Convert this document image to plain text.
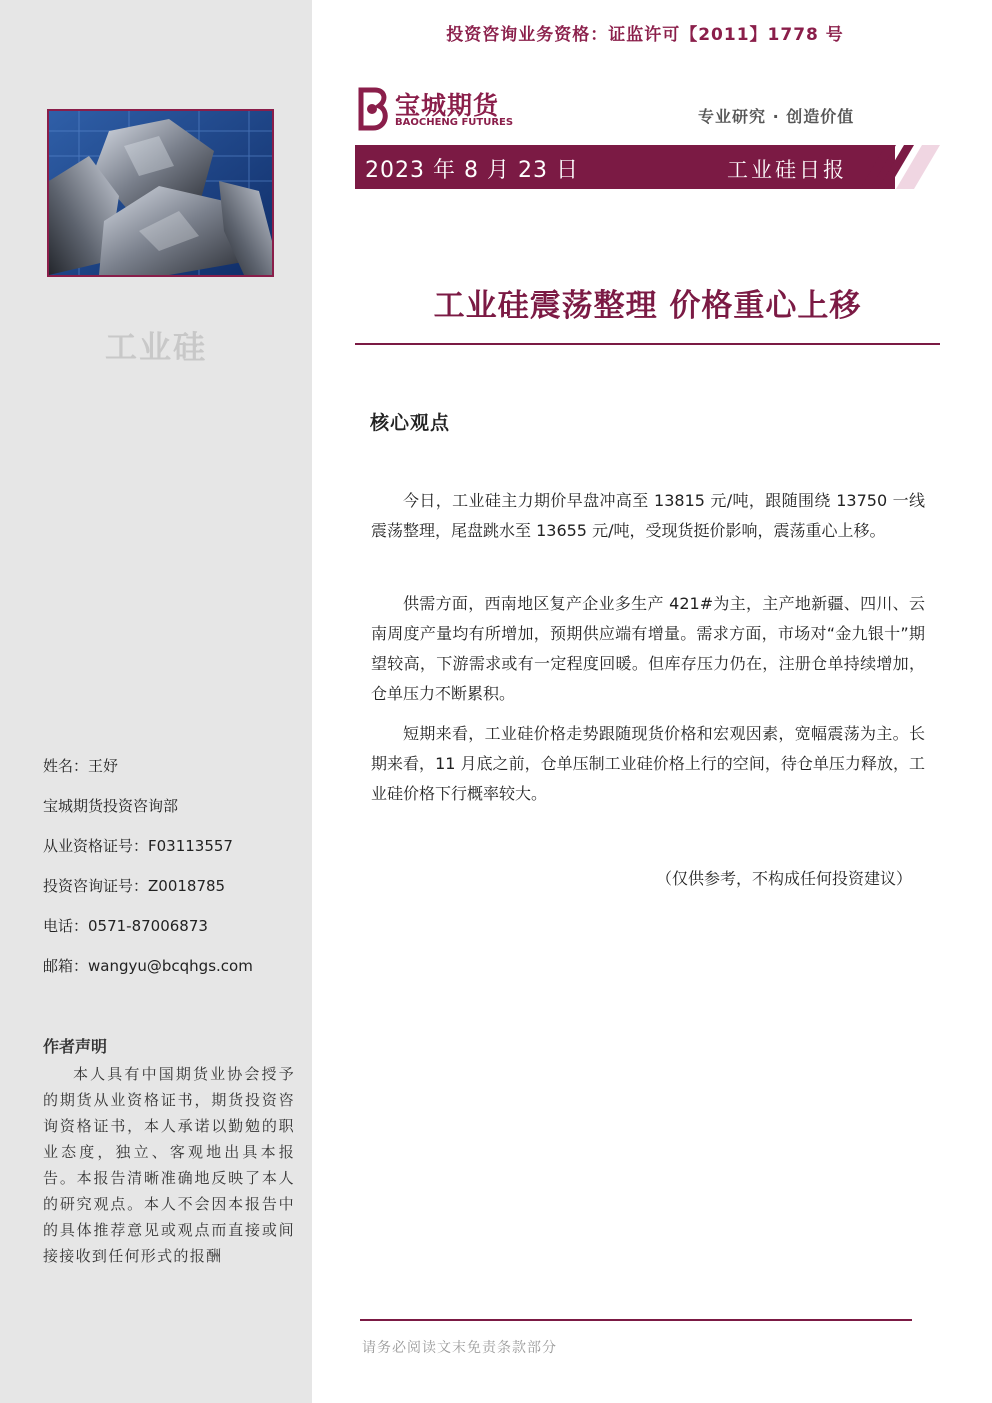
工业硅
姓名：王妤
宝城期货投资咨询部
从业资格证号：F03113557
投资咨询证号：Z0018785
电话：0571-87006873
邮箱：wangyu@bcqhgs.com
作者声明
本人具有中国期货业协会授予的期货从业资格证书，期货投资咨询资格证书，本人承诺以勤勉的职业态度，独立、客观地出具本报告。本报告清晰准确地反映了本人的研究观点。本人不会因本报告中的具体推荐意见或观点而直接或间接接收到任何形式的报酬
投资咨询业务资格：证监许可【2011】1778 号
宝城期货
BAOCHENG FUTURES	专业研究 · 创造价值
2023 年 8 月 23 日	工业硅日报
工业硅震荡整理 价格重心上移
核心观点
今日，工业硅主力期价早盘冲高至 13815 元/吨，跟随围绕 13750 一线震荡整理，尾盘跳水至 13655 元/吨，受现货挺价影响，震荡重心上移。
供需方面，西南地区复产企业多生产 421#为主，主产地新疆、四川、云南周度产量均有所增加，预期供应端有增量。需求方面，市场对“金九银十”期望较高，下游需求或有一定程度回暖。但库存压力仍在，注册仓单持续增加，仓单压力不断累积。
短期来看，工业硅价格走势跟随现货价格和宏观因素，宽幅震荡为主。长期来看，11 月底之前，仓单压制工业硅价格上行的空间，待仓单压力释放，工业硅价格下行概率较大。
（仅供参考，不构成任何投资建议）
请务必阅读文末免责条款部分
